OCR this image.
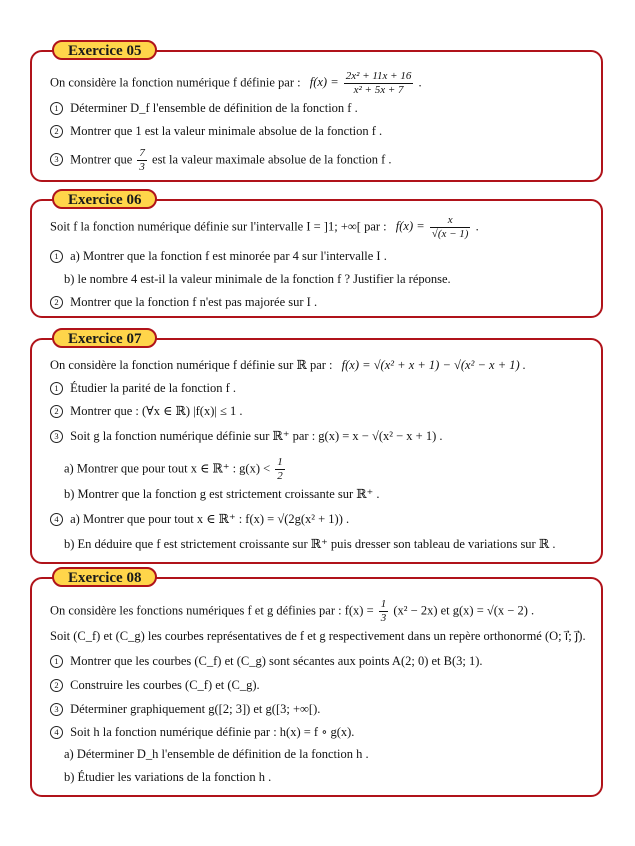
Exercice 05
On considère la fonction numérique f définie par : $f(x) = \frac{\text{2x² + 11x + 16}}{\text{x² + 5x + 7}}$ .
1 Déterminer D_f l'ensemble de définition de la fonction f .
2 Montrer que 1 est la valeur minimale absolue de la fonction f .
3 Montrer que $\frac{7}{3}$ est la valeur maximale absolue de la fonction f .
Exercice 06
Soit f la fonction numérique définie sur l'intervalle I = ]1; +∞[ par : $f(x) = \frac{x}{√(x - 1)}$ .
1 a) Montrer que la fonction f est minorée par 4 sur l'intervalle I .
b) le nombre 4 est-il la valeur minimale de la fonction f ? Justifier la réponse.
2 Montrer que la fonction f n'est pas majorée sur I .
Exercice 07
On considère la fonction numérique f définie sur ℝ par : f(x) = √(x² + x + 1) − √(x² − x + 1) .
1 Étudier la parité de la fonction f .
2 Montrer que : (∀x ∈ ℝ) |f(x)| ≤ 1 .
3 Soit g la fonction numérique définie sur ℝ⁺ par : g(x) = x − √(x² − x + 1) .
a) Montrer que pour tout x ∈ ℝ⁺ : $g(x) < \frac{1}{2}$
b) Montrer que la fonction g est strictement croissante sur ℝ⁺ .
4 a) Montrer que pour tout x ∈ ℝ⁺ : f(x) = √(2g(x² + 1)) .
b) En déduire que f est strictement croissante sur ℝ⁺ puis dresser son tableau de variations sur ℝ .
Exercice 08
On considère les fonctions numériques f et g définies par : $f(x) = \frac{1}{3} (x^2 - 2x)$ et g(x) = √(x − 2) .
Soit (C_f) et (C_g) les courbes représentatives de f et g respectivement dans un repère orthonormé (O; i⃗; j⃗).
1 Montrer que les courbes (C_f) et (C_g) sont sécantes aux points A(2; 0) et B(3; 1).
2 Construire les courbes (C_f) et (C_g).
3 Déterminer graphiquement g([2; 3]) et g([3; +∞[).
4 Soit h la fonction numérique définie par : h(x) = f ∘ g(x).
a) Déterminer D_h l'ensemble de définition de la fonction h .
b) Étudier les variations de la fonction h .
